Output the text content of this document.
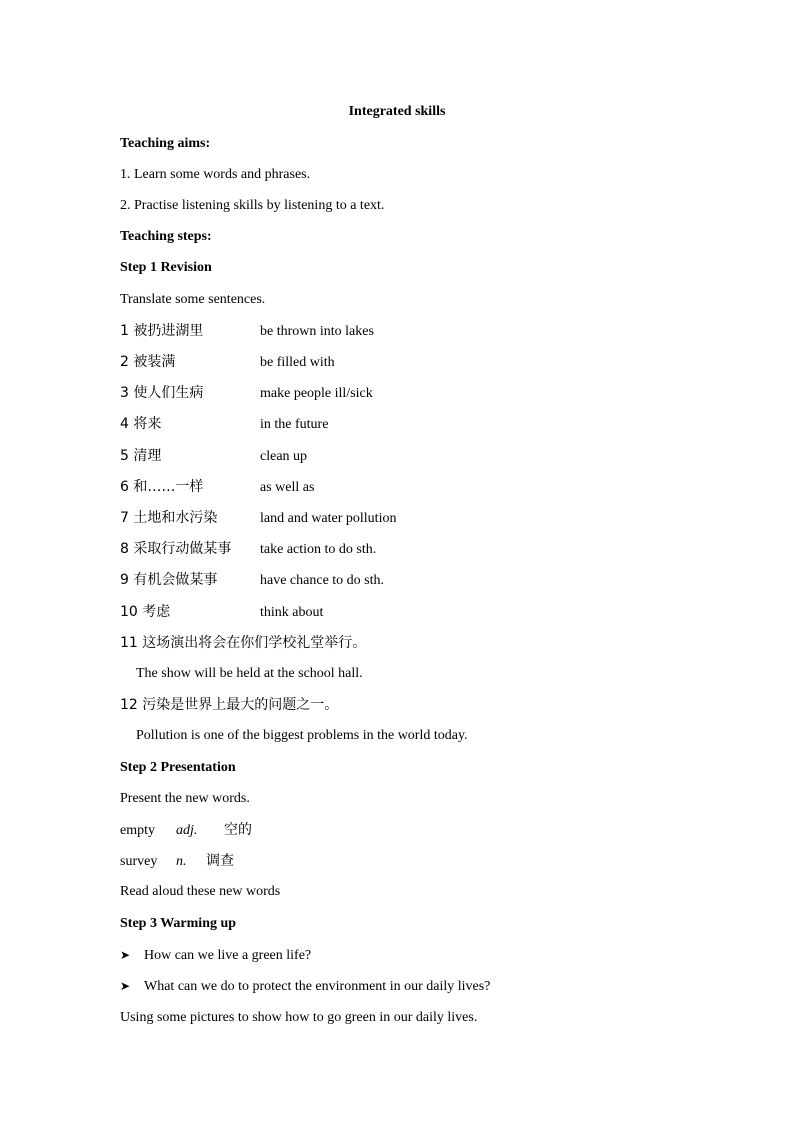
Integrated skills
Teaching aims:
1. Learn some words and phrases.
2. Practise listening skills by listening to a text.
Teaching steps:
Step 1 Revision
Translate some sentences.
1 被扔进湖里	be thrown into lakes
2 被装满	be filled with
3 使人们生病	make people ill/sick
4 将来	in the future
5 清理	clean up
6 和……一样	as well as
7 土地和水污染	land and water pollution
8 采取行动做某事 take action to do sth.
9 有机会做某事	have chance to do sth.
10 考虑	think about
11 这场演出将会在你们学校礼堂举行。
The show will be held at the school hall.
12 污染是世界上最大的问题之一。
Pollution is one of the biggest problems in the world today.
Step 2 Presentation
Present the new words.
empty adj. 空的
survey n. 调查
Read aloud these new words
Step 3 Warming up
➤ How can we live a green life?
➤ What can we do to protect the environment in our daily lives?
Using some pictures to show how to go green in our daily lives.
